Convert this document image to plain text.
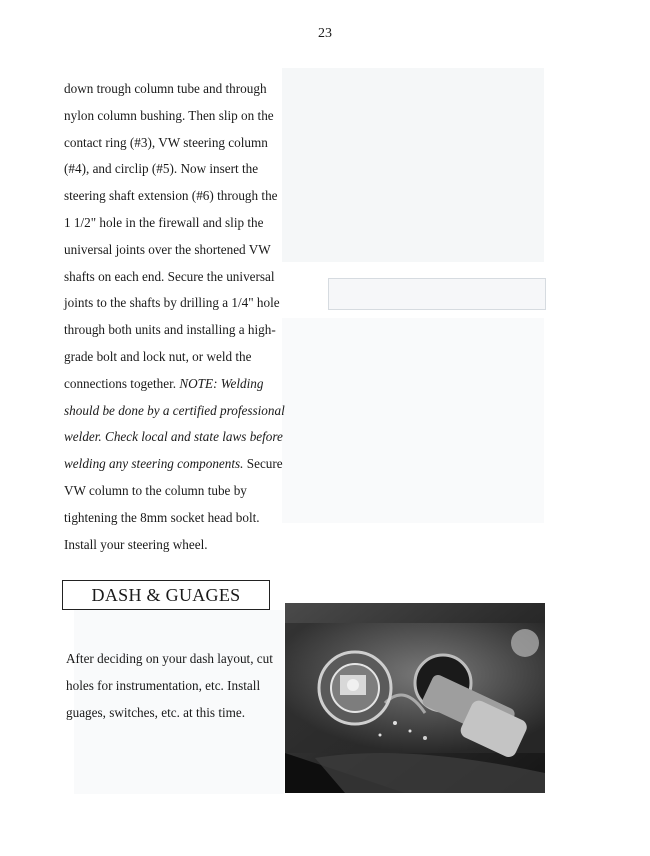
23
down trough column tube and through nylon column bushing. Then slip on the contact ring (#3), VW steering column (#4), and circlip (#5). Now insert the steering shaft extension (#6) through the 1 1/2" hole in the firewall and slip the universal joints over the shortened VW shafts on each end. Secure the universal joints to the shafts by drilling a 1/4" hole through both units and installing a high-grade bolt and lock nut, or weld the connections together. NOTE: Welding should be done by a certified professional welder. Check local and state laws before welding any steering components. Secure VW column to the column tube by tightening the 8mm socket head bolt. Install your steering wheel.
DASH & GUAGES
After deciding on your dash layout, cut holes for instrumentation, etc. Install guages, switches, etc. at this time.
